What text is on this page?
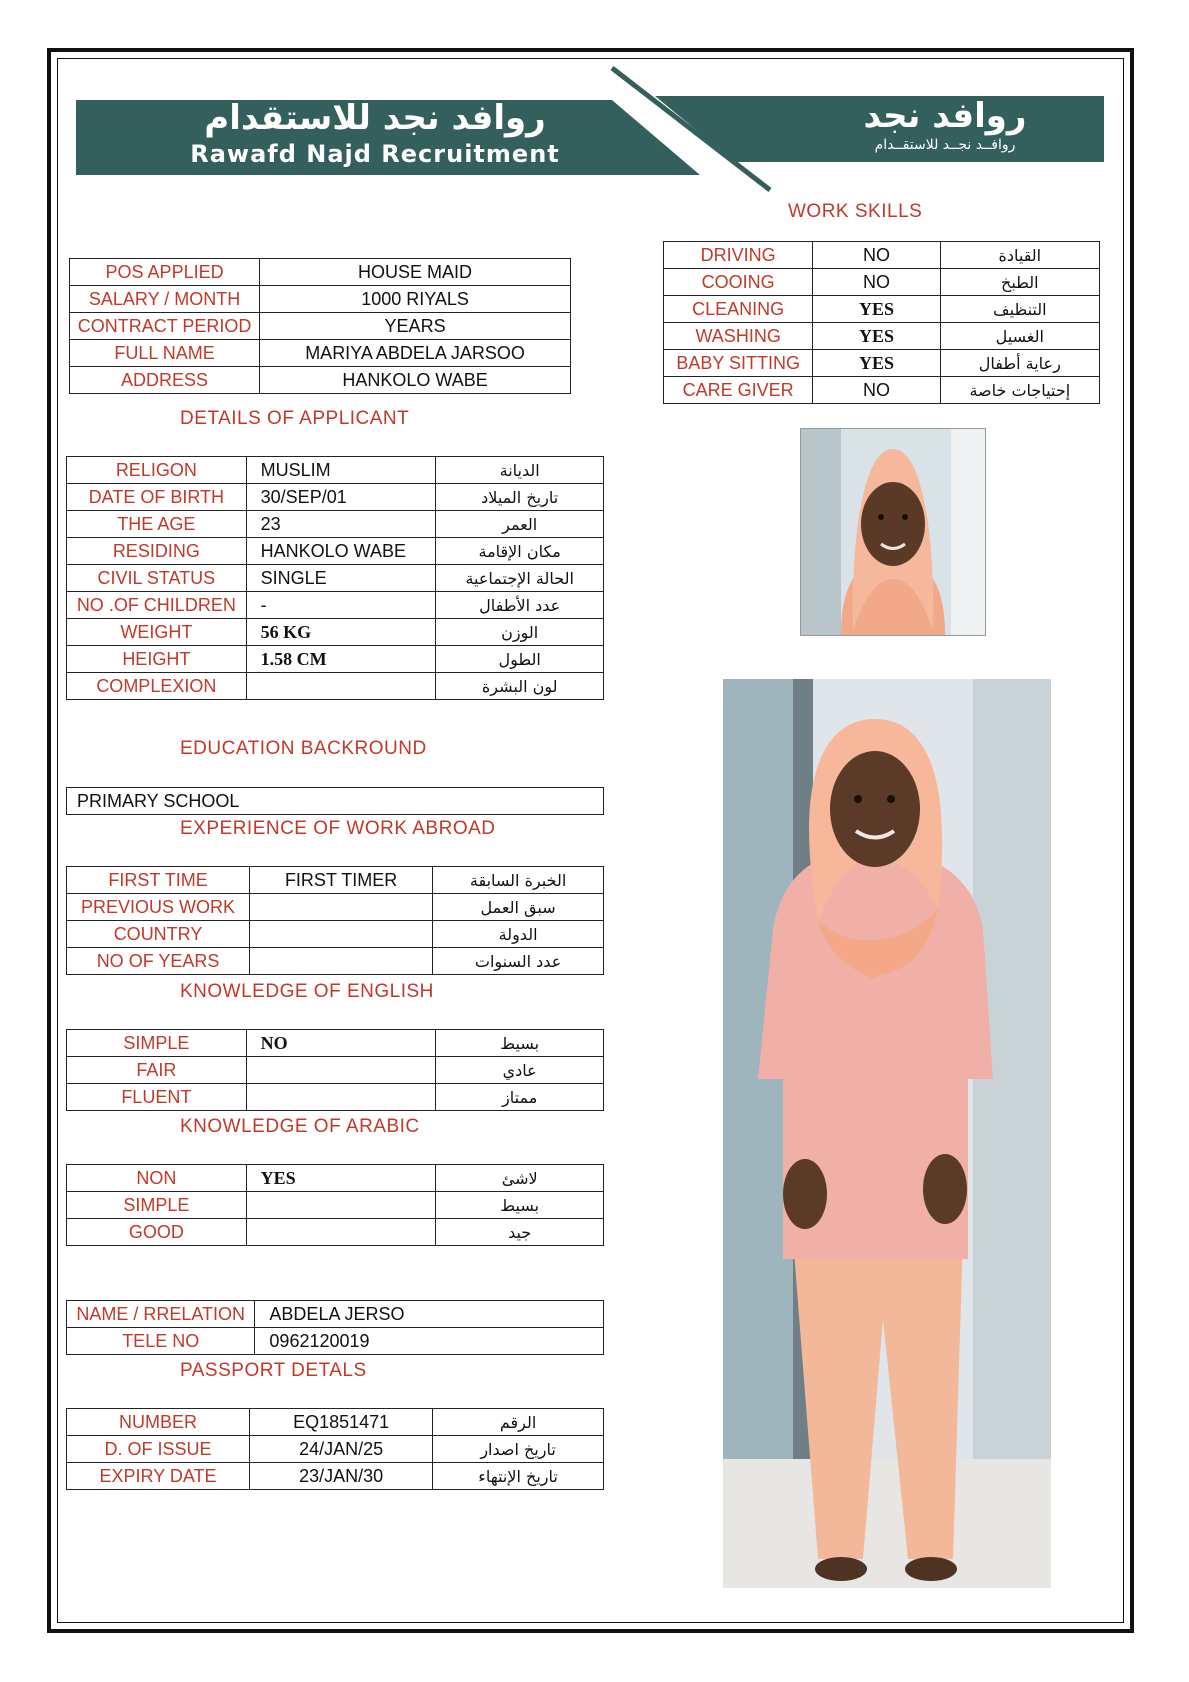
روافد نجد للاستقدام
Rawafd Najd Recruitment
روافد نجد
روافــد نجــد للاستقــدام
POS APPLIED	HOUSE MAID
SALARY / MONTH	1000 RIYALS
CONTRACT PERIOD	YEARS
FULL NAME	MARIYA ABDELA JARSOO
ADDRESS	HANKOLO WABE
WORK SKILLS
DRIVING	NO	القيادة
COOING	NO	الطبخ
CLEANING	YES	التنظيف
WASHING	YES	الغسيل
BABY SITTING	YES	رعاية أطفال
CARE GIVER	NO	إحتياجات خاصة
DETAILS OF APPLICANT
RELIGON	MUSLIM	الديانة
DATE OF BIRTH	30/SEP/01	تاريخ الميلاد
THE AGE	23	العمر
RESIDING	HANKOLO WABE	مكان الإقامة
CIVIL STATUS	SINGLE	الحالة الإجتماعية
NO .OF CHILDREN	-	عدد الأطفال
WEIGHT	56 KG	الوزن
HEIGHT	1.58 CM	الطول
COMPLEXION		لون البشرة
EDUCATION BACKROUND
PRIMARY SCHOOL
EXPERIENCE OF WORK ABROAD
FIRST TIME	FIRST TIMER	الخبرة السابقة
PREVIOUS WORK		سبق العمل
COUNTRY		الدولة
NO OF YEARS		عدد السنوات
KNOWLEDGE OF ENGLISH
SIMPLE	NO	بسيط
FAIR		عادي
FLUENT		ممتاز
KNOWLEDGE OF ARABIC
NON	YES	لاشئ
SIMPLE		بسيط
GOOD		جيد
NAME / RRELATION	ABDELA JERSO
TELE NO	0962120019
PASSPORT DETALS
NUMBER	EQ1851471	الرقم
D. OF ISSUE	24/JAN/25	تاريخ اصدار
EXPIRY DATE	23/JAN/30	تاريخ الإنتهاء
